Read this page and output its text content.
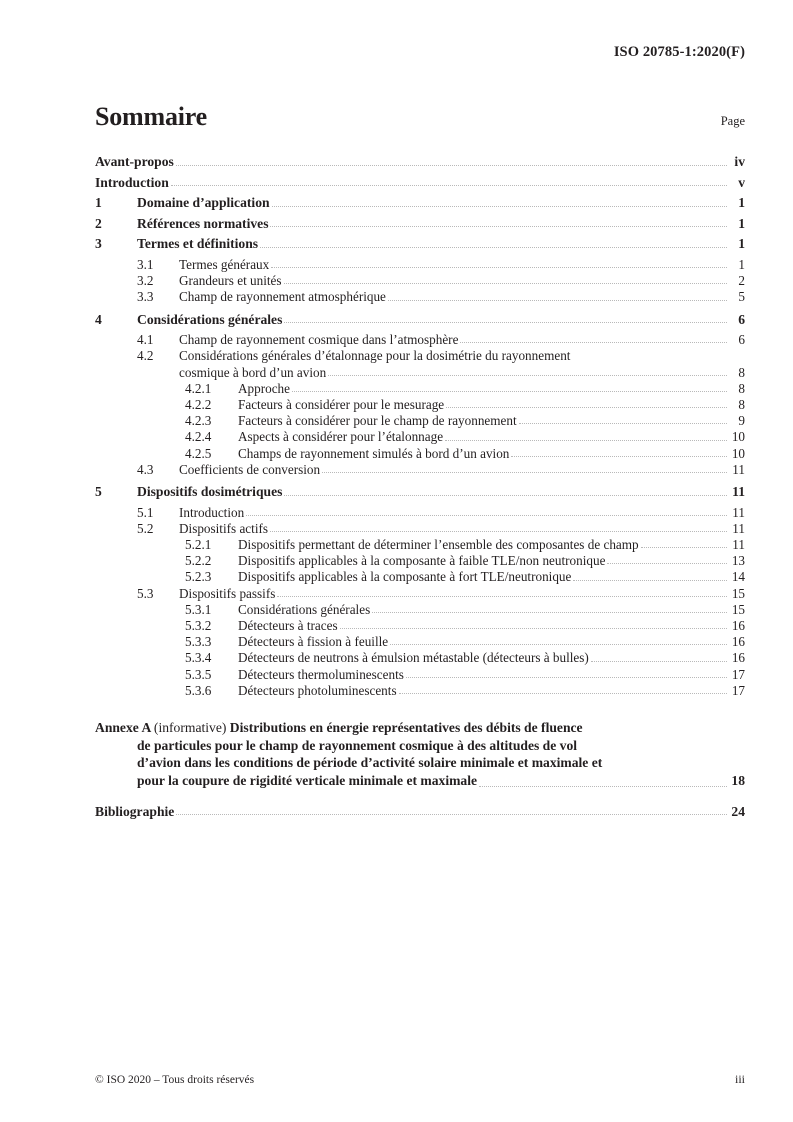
ISO 20785-1:2020(F)
Sommaire	Page
Avant-propos	iv
Introduction	v
1	Domaine d’application	1
2	Références normatives	1
3	Termes et définitions	1
3.1	Termes généraux	1
3.2	Grandeurs et unités	2
3.3	Champ de rayonnement atmosphérique	5
4	Considérations générales	6
4.1	Champ de rayonnement cosmique dans l’atmosphère	6
4.2	Considérations générales d’étalonnage pour la dosimétrie du rayonnement
cosmique à bord d’un avion	8
4.2.1	Approche	8
4.2.2	Facteurs à considérer pour le mesurage	8
4.2.3	Facteurs à considérer pour le champ de rayonnement	9
4.2.4	Aspects à considérer pour l’étalonnage	10
4.2.5	Champs de rayonnement simulés à bord d’un avion	10
4.3	Coefficients de conversion	11
5	Dispositifs dosimétriques	11
5.1	Introduction	11
5.2	Dispositifs actifs	11
5.2.1	Dispositifs permettant de déterminer l’ensemble des composantes de champ	11
5.2.2	Dispositifs applicables à la composante à faible TLE/non neutronique	13
5.2.3	Dispositifs applicables à la composante à fort TLE/neutronique	14
5.3	Dispositifs passifs	15
5.3.1	Considérations générales	15
5.3.2	Détecteurs à traces	16
5.3.3	Détecteurs à fission à feuille	16
5.3.4	Détecteurs de neutrons à émulsion métastable (détecteurs à bulles)	16
5.3.5	Détecteurs thermoluminescents	17
5.3.6	Détecteurs photoluminescents	17
Annexe A (informative) Distributions en énergie représentatives des débits de fluence
de particules pour le champ de rayonnement cosmique à des altitudes de vol
d’avion dans les conditions de période d’activité solaire minimale et maximale et
pour la coupure de rigidité verticale minimale et maximale	18
Bibliographie	24
© ISO 2020 – Tous droits réservés	iii
